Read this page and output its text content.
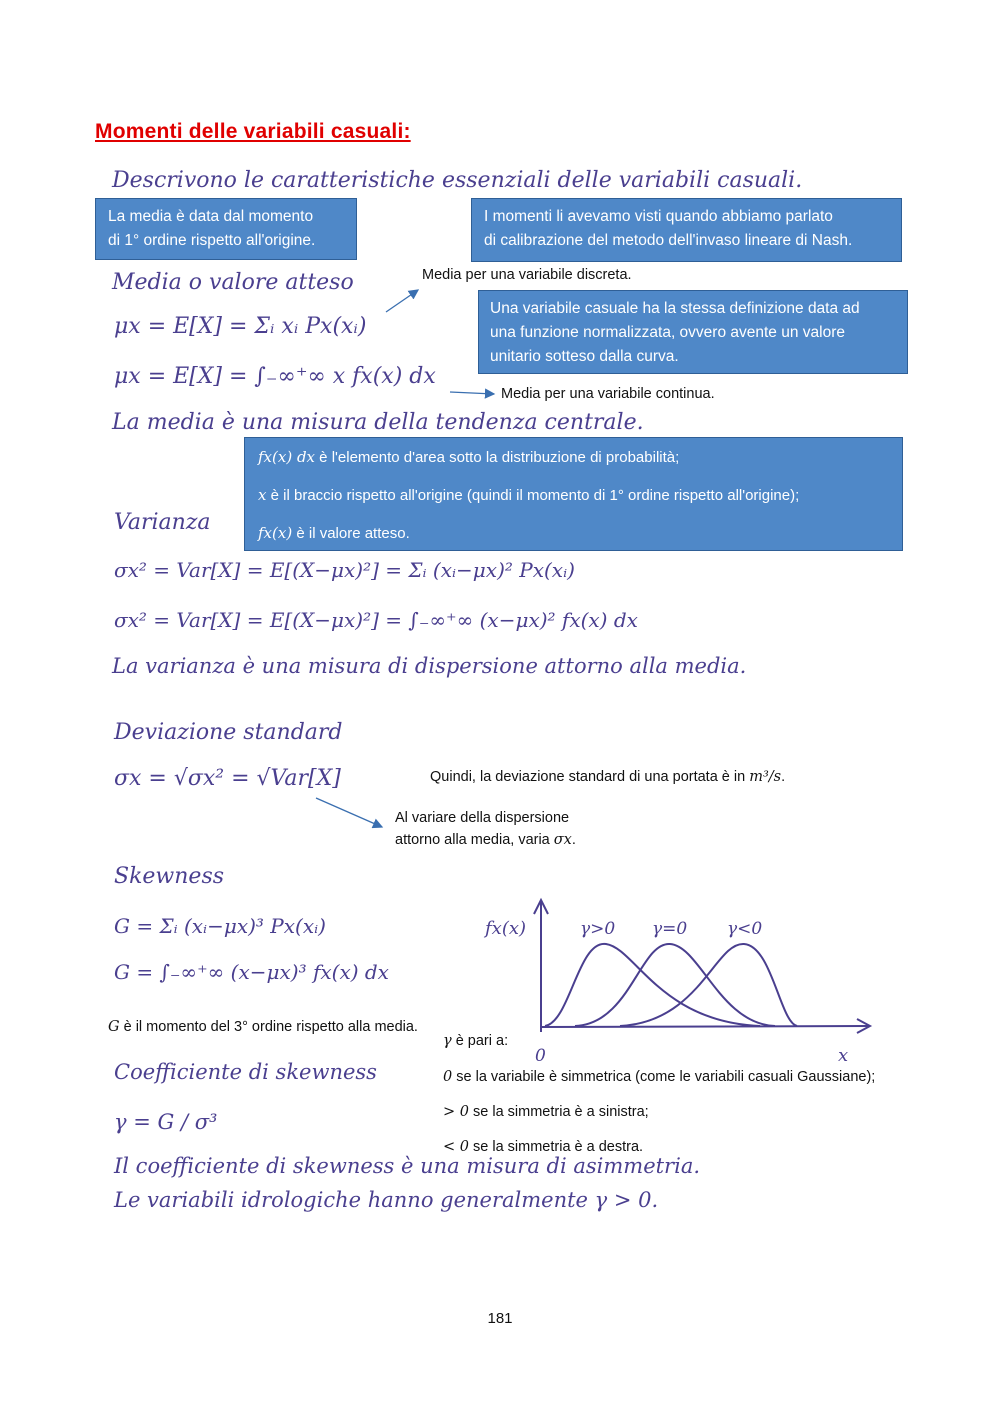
Momenti delle variabili casuali:
Descrivono le caratteristiche essenziali delle variabili casuali.
Media o valore atteso
μx = E[X] = Σᵢ xᵢ Px(xᵢ)
μx = E[X] = ∫₋∞⁺∞ x fx(x) dx
La media è una misura della tendenza centrale.
Varianza
σx² = Var[X] = E[(X−μx)²] = Σᵢ (xᵢ−μx)² Px(xᵢ)
σx² = Var[X] = E[(X−μx)²] = ∫₋∞⁺∞ (x−μx)² fx(x) dx
La varianza è una misura di dispersione attorno alla media.
Deviazione standard
σx = √σx² = √Var[X]
Skewness
G = Σᵢ (xᵢ−μx)³ Px(xᵢ)
G = ∫₋∞⁺∞ (x−μx)³ fx(x) dx
Coefficiente di skewness
γ = G / σ³
Il coefficiente di skewness è una misura di asimmetria.
Le variabili idrologiche hanno generalmente γ > 0.
La media è data dal momento
di 1° ordine rispetto all'origine.
I momenti li avevamo visti quando abbiamo parlato
di calibrazione del metodo dell'invaso lineare di Nash.
Una variabile casuale ha la stessa definizione data ad
una funzione normalizzata, ovvero avente un valore
unitario sotteso dalla curva.
fx(x) dx è l'elemento d'area sotto la distribuzione di probabilità;
x è il braccio rispetto all'origine (quindi il momento di 1° ordine rispetto all'origine);
fx(x) è il valore atteso.
Media per una variabile discreta.
Media per una variabile continua.
Quindi, la deviazione standard di una portata è in m³/s.
Al variare della dispersione
attorno alla media, varia σx.
G è il momento del 3° ordine rispetto alla media.
γ è pari a:
0 se la variabile è simmetrica (come le variabili casuali Gaussiane);
> 0 se la simmetria è a sinistra;
< 0 se la simmetria è a destra.
fx(x)	γ>0 γ=0 γ<0
0	x
181
